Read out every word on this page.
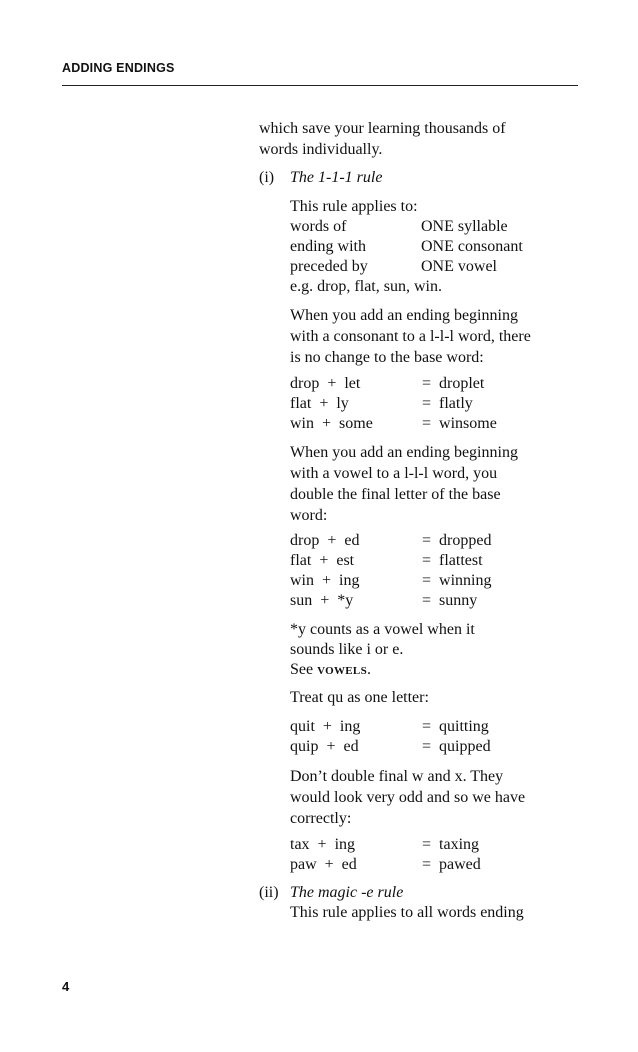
ADDING ENDINGS
which save your learning thousands of
words individually.
(i) The 1-1-1 rule
This rule applies to:
words of	ONE syllable
ending with	ONE consonant
preceded by	ONE vowel
e.g. drop, flat, sun, win.
When you add an ending beginning
with a consonant to a l-l-l word, there
is no change to the base word:
drop  +  let	=  droplet
flat  +  ly	=  flatly
win  +  some	=  winsome
When you add an ending beginning
with a vowel to a l-l-l word, you
double the final letter of the base
word:
drop  +  ed	=  dropped
flat  +  est	=  flattest
win  +  ing	=  winning
sun  +  *y	=  sunny
*y counts as a vowel when it
sounds like i or e.
See vowels.
Treat qu as one letter:
quit  +  ing	=  quitting
quip  +  ed	=  quipped
Don’t double final w and x. They
would look very odd and so we have
correctly:
tax  +  ing	=  taxing
paw  +  ed	=  pawed
(ii) The magic -e rule
This rule applies to all words ending
4
